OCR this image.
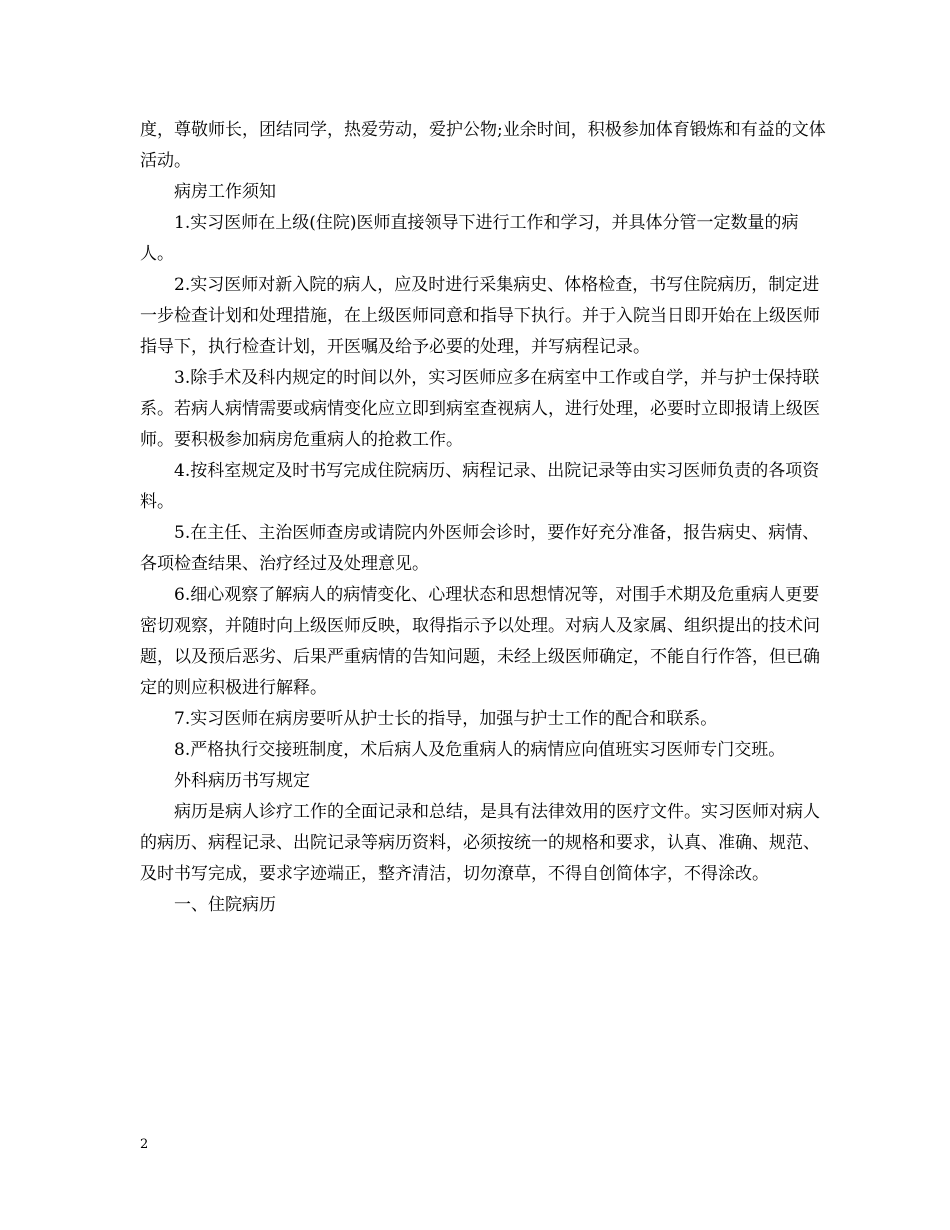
度，尊敬师长，团结同学，热爱劳动，爱护公物;业余时间，积极参加体育锻炼和有益的文体活动。

病房工作须知

1.实习医师在上级(住院)医师直接领导下进行工作和学习，并具体分管一定数量的病人。

2.实习医师对新入院的病人，应及时进行采集病史、体格检查，书写住院病历，制定进一步检查计划和处理措施，在上级医师同意和指导下执行。并于入院当日即开始在上级医师指导下，执行检查计划，开医嘱及给予必要的处理，并写病程记录。

3.除手术及科内规定的时间以外，实习医师应多在病室中工作或自学，并与护士保持联系。若病人病情需要或病情变化应立即到病室查视病人，进行处理，必要时立即报请上级医师。要积极参加病房危重病人的抢救工作。

4.按科室规定及时书写完成住院病历、病程记录、出院记录等由实习医师负责的各项资料。

5.在主任、主治医师查房或请院内外医师会诊时，要作好充分准备，报告病史、病情、各项检查结果、治疗经过及处理意见。

6.细心观察了解病人的病情变化、心理状态和思想情况等，对围手术期及危重病人更要密切观察，并随时向上级医师反映，取得指示予以处理。对病人及家属、组织提出的技术问题，以及预后恶劣、后果严重病情的告知问题，未经上级医师确定，不能自行作答，但已确定的则应积极进行解释。

7.实习医师在病房要听从护士长的指导，加强与护士工作的配合和联系。

8.严格执行交接班制度，术后病人及危重病人的病情应向值班实习医师专门交班。

外科病历书写规定

病历是病人诊疗工作的全面记录和总结，是具有法律效用的医疗文件。实习医师对病人的病历、病程记录、出院记录等病历资料，必须按统一的规格和要求，认真、准确、规范、及时书写完成，要求字迹端正，整齐清洁，切勿潦草，不得自创简体字，不得涂改。

一、住院病历

2
